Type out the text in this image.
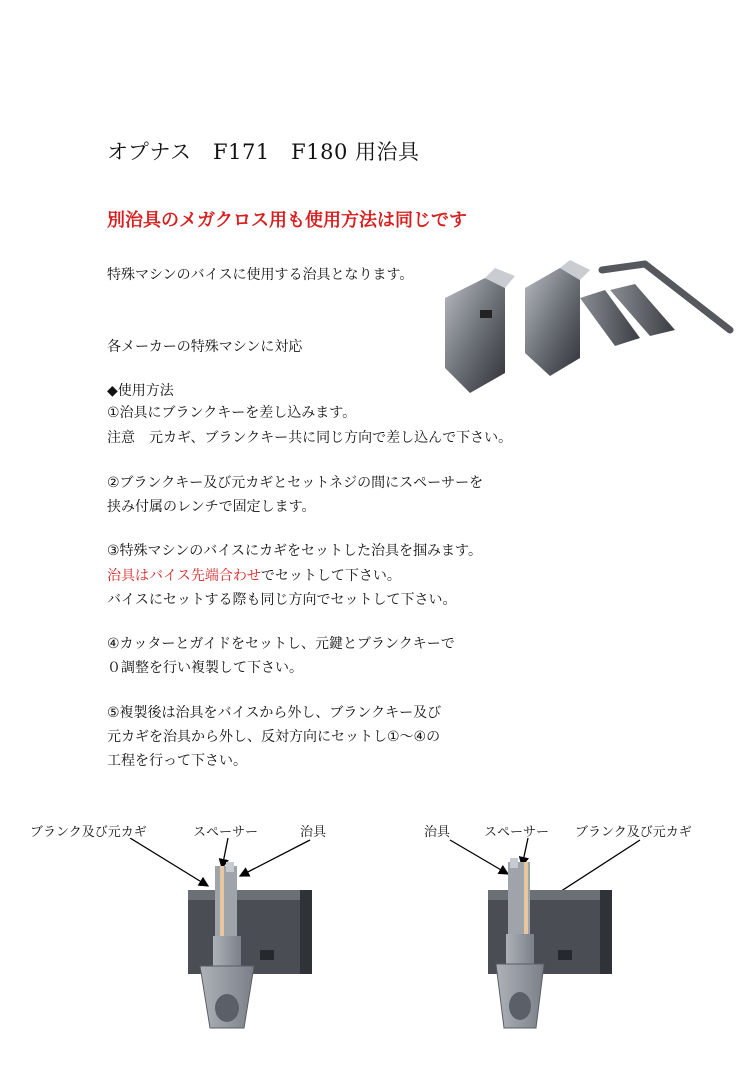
オプナス　F171　F180 用治具
別治具のメガクロス用も使用方法は同じです
特殊マシンのバイスに使用する治具となります。
各メーカーの特殊マシンに対応
◆使用方法
①治具にブランクキーを差し込みます。
注意　元カギ、ブランクキー共に同じ方向で差し込んで下さい。
②ブランクキー及び元カギとセットネジの間にスペーサーを
挟み付属のレンチで固定します。
③特殊マシンのバイスにカギをセットした治具を掴みます。
治具はバイス先端合わせでセットして下さい。
バイスにセットする際も同じ方向でセットして下さい。
④カッターとガイドをセットし、元鍵とブランクキーで
０調整を行い複製して下さい。
⑤複製後は治具をバイスから外し、ブランクキー及び
元カギを治具から外し、反対方向にセットし①～④の
工程を行って下さい。
ブランク及び元カギ	スペーサー	治具	治具	スペーサー ブランク及び元カギ
